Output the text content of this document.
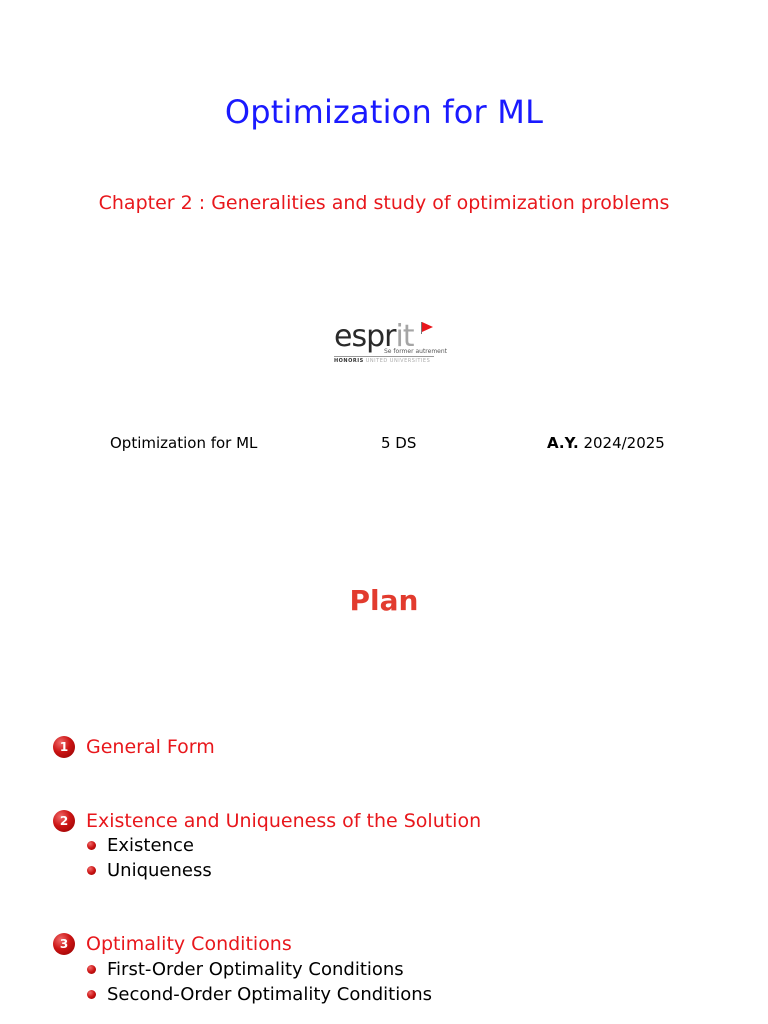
Optimization for ML
Chapter 2 : Generalities and study of optimization problems
esprit
Se former autrement
HONORIS UNITED UNIVERSITIES
Optimization for ML	5 DS	A.Y. 2024/2025
Plan
1 General Form
2 Existence and Uniqueness of the Solution
Existence
Uniqueness
3 Optimality Conditions
First-Order Optimality Conditions
Second-Order Optimality Conditions
